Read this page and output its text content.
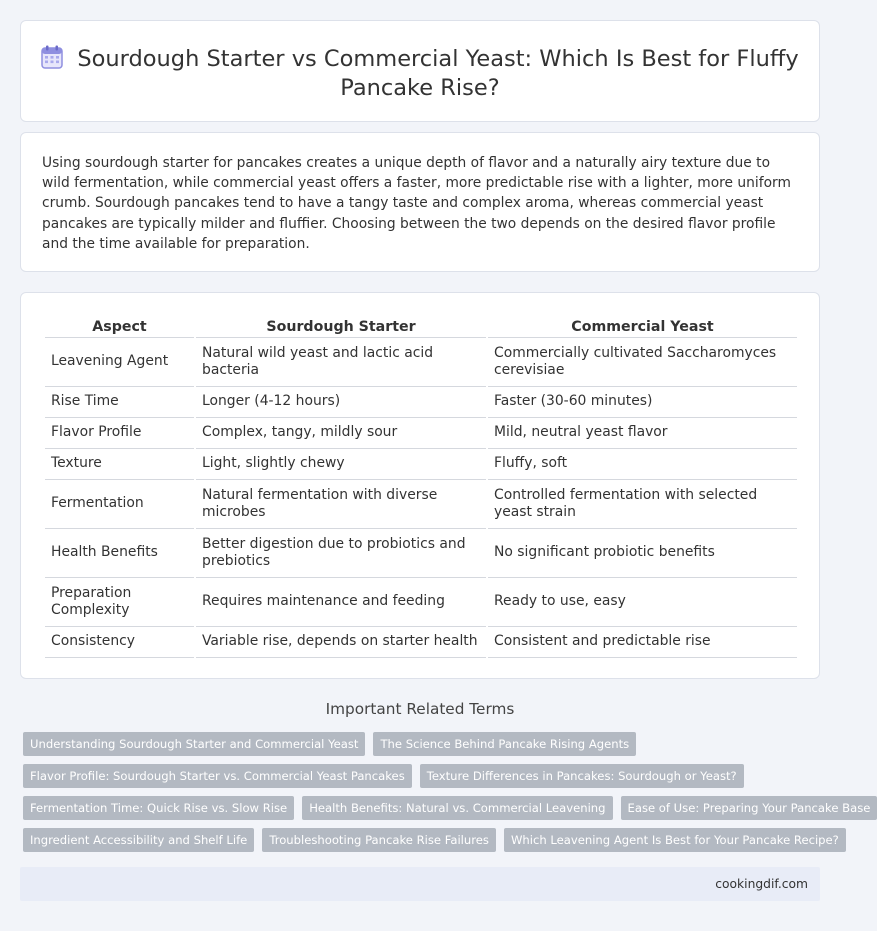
Sourdough Starter vs Commercial Yeast: Which Is Best for Fluffy Pancake Rise?

Using sourdough starter for pancakes creates a unique depth of flavor and a naturally airy texture due to wild fermentation, while commercial yeast offers a faster, more predictable rise with a lighter, more uniform crumb. Sourdough pancakes tend to have a tangy taste and complex aroma, whereas commercial yeast pancakes are typically milder and fluffier. Choosing between the two depends on the desired flavor profile and the time available for preparation.

Aspect	Sourdough Starter	Commercial Yeast
Leavening Agent	Natural wild yeast and lactic acid bacteria	Commercially cultivated Saccharomyces cerevisiae
Rise Time	Longer (4-12 hours)	Faster (30-60 minutes)
Flavor Profile	Complex, tangy, mildly sour	Mild, neutral yeast flavor
Texture	Light, slightly chewy	Fluffy, soft
Fermentation	Natural fermentation with diverse microbes	Controlled fermentation with selected yeast strain
Health Benefits	Better digestion due to probiotics and prebiotics	No significant probiotic benefits
Preparation Complexity	Requires maintenance and feeding	Ready to use, easy
Consistency	Variable rise, depends on starter health	Consistent and predictable rise
Important Related Terms
Understanding Sourdough Starter and Commercial Yeast	The Science Behind Pancake Rising Agents
Flavor Profile: Sourdough Starter vs. Commercial Yeast Pancakes	Texture Differences in Pancakes: Sourdough or Yeast?
Fermentation Time: Quick Rise vs. Slow Rise	Health Benefits: Natural vs. Commercial Leavening	Ease of Use: Preparing Your Pancake Base
Ingredient Accessibility and Shelf Life	Troubleshooting Pancake Rise Failures	Which Leavening Agent Is Best for Your Pancake Recipe?
cookingdif.com
